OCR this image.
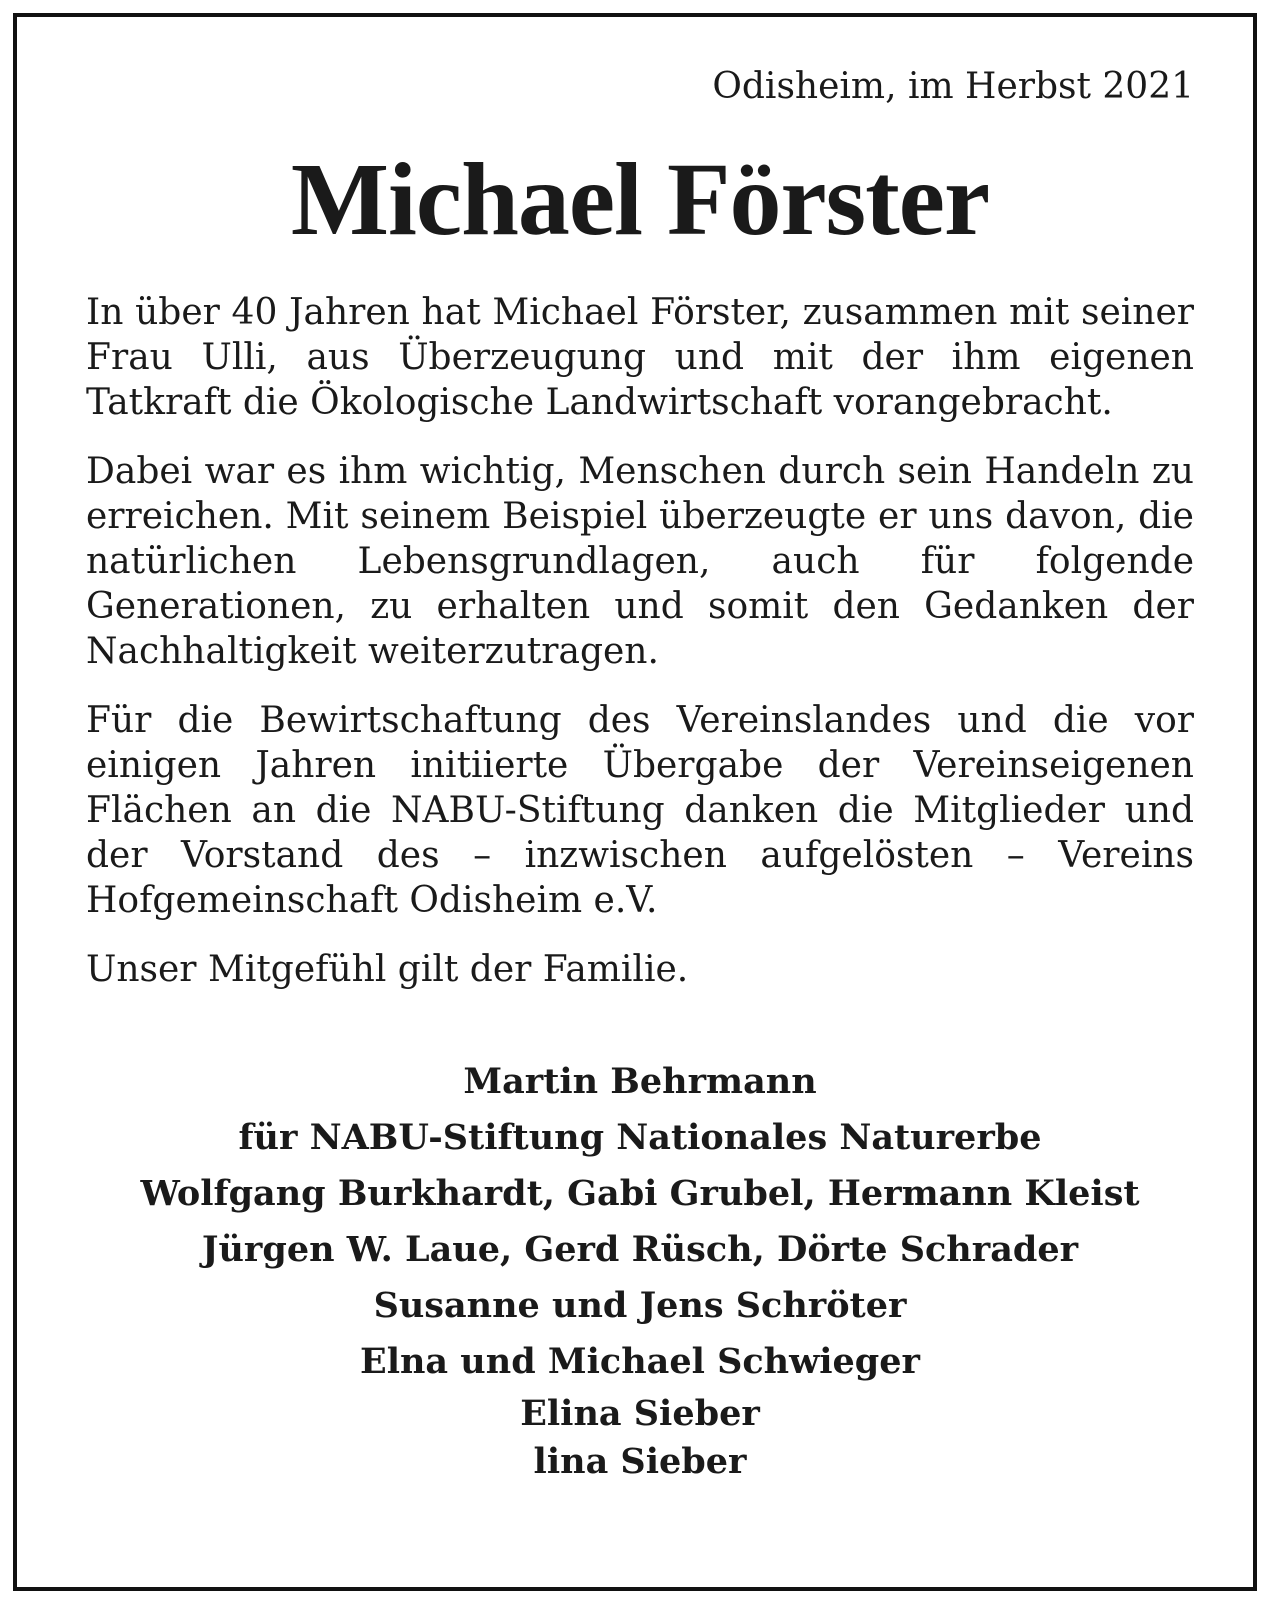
Odisheim, im Herbst 2021

Michael Förster

In über 40 Jahren hat Michael Förster, zusammen mit seiner Frau Ulli, aus Überzeugung und mit der ihm eigenen Tatkraft die Ökologische Landwirtschaft vorangebracht.

Dabei war es ihm wichtig, Menschen durch sein Handeln zu erreichen. Mit seinem Beispiel überzeugte er uns davon, die natürlichen Lebensgrundlagen, auch für folgende Generationen, zu erhalten und somit den Gedanken der Nachhaltigkeit weiterzutragen.

Für die Bewirtschaftung des Vereinslandes und die vor einigen Jahren initiierte Übergabe der Vereinseigenen Flächen an die NABU-Stiftung danken die Mitglieder und der Vorstand des – inzwischen aufgelösten – Vereins Hofgemeinschaft Odisheim e.V.

Unser Mitgefühl gilt der Familie.

Martin Behrmann

für NABU-Stiftung Nationales Naturerbe

Wolfgang Burkhardt, Gabi Grubel, Hermann Kleist

Jürgen W. Laue, Gerd Rüsch, Dörte Schrader

Susanne und Jens Schröter

Elna und Michael Schwieger

Elina Sieber

lina Sieber
